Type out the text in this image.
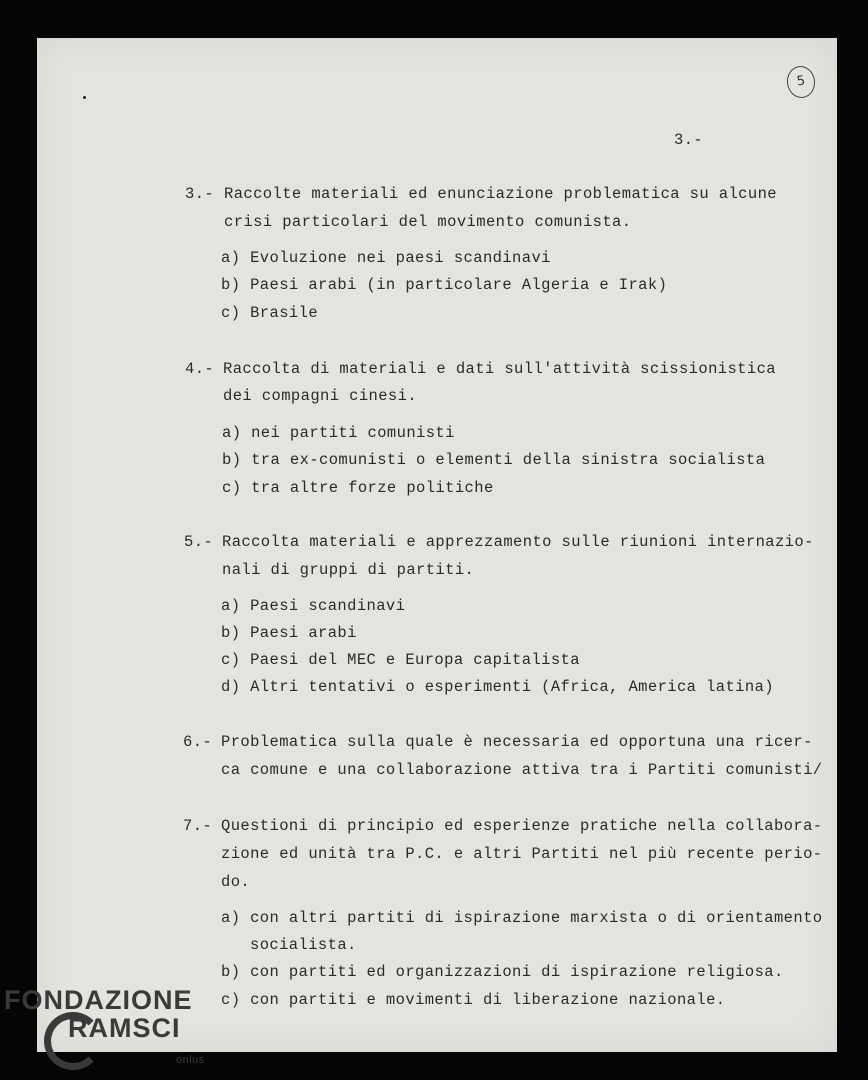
5
3.-
3.- Raccolte materiali ed enunciazione problematica su alcune
crisi particolari del movimento comunista.
a) Evoluzione nei paesi scandinavi
b) Paesi arabi (in particolare Algeria e Irak)
c) Brasile
4.- Raccolta di materiali e dati sull'attività scissionistica
dei compagni cinesi.
a) nei partiti comunisti
b) tra ex-comunisti o elementi della sinistra socialista
c) tra altre forze politiche
5.- Raccolta materiali e apprezzamento sulle riunioni internazio-
nali di gruppi di partiti.
a) Paesi scandinavi
b) Paesi arabi
c) Paesi del MEC e Europa capitalista
d) Altri tentativi o esperimenti (Africa, America latina)
6.- Problematica sulla quale è necessaria ed opportuna una ricer-
ca comune e una collaborazione attiva tra i Partiti comunisti/
7.- Questioni di principio ed esperienze pratiche nella collabora-
zione ed unità tra P.C. e altri Partiti nel più recente perio-
do.
a) con altri partiti di ispirazione marxista o di orientamento
socialista.
b) con partiti ed organizzazioni di ispirazione religiosa.
c) con partiti e movimenti di liberazione nazionale.
FONDAZIONE
RAMSCI
onlus
